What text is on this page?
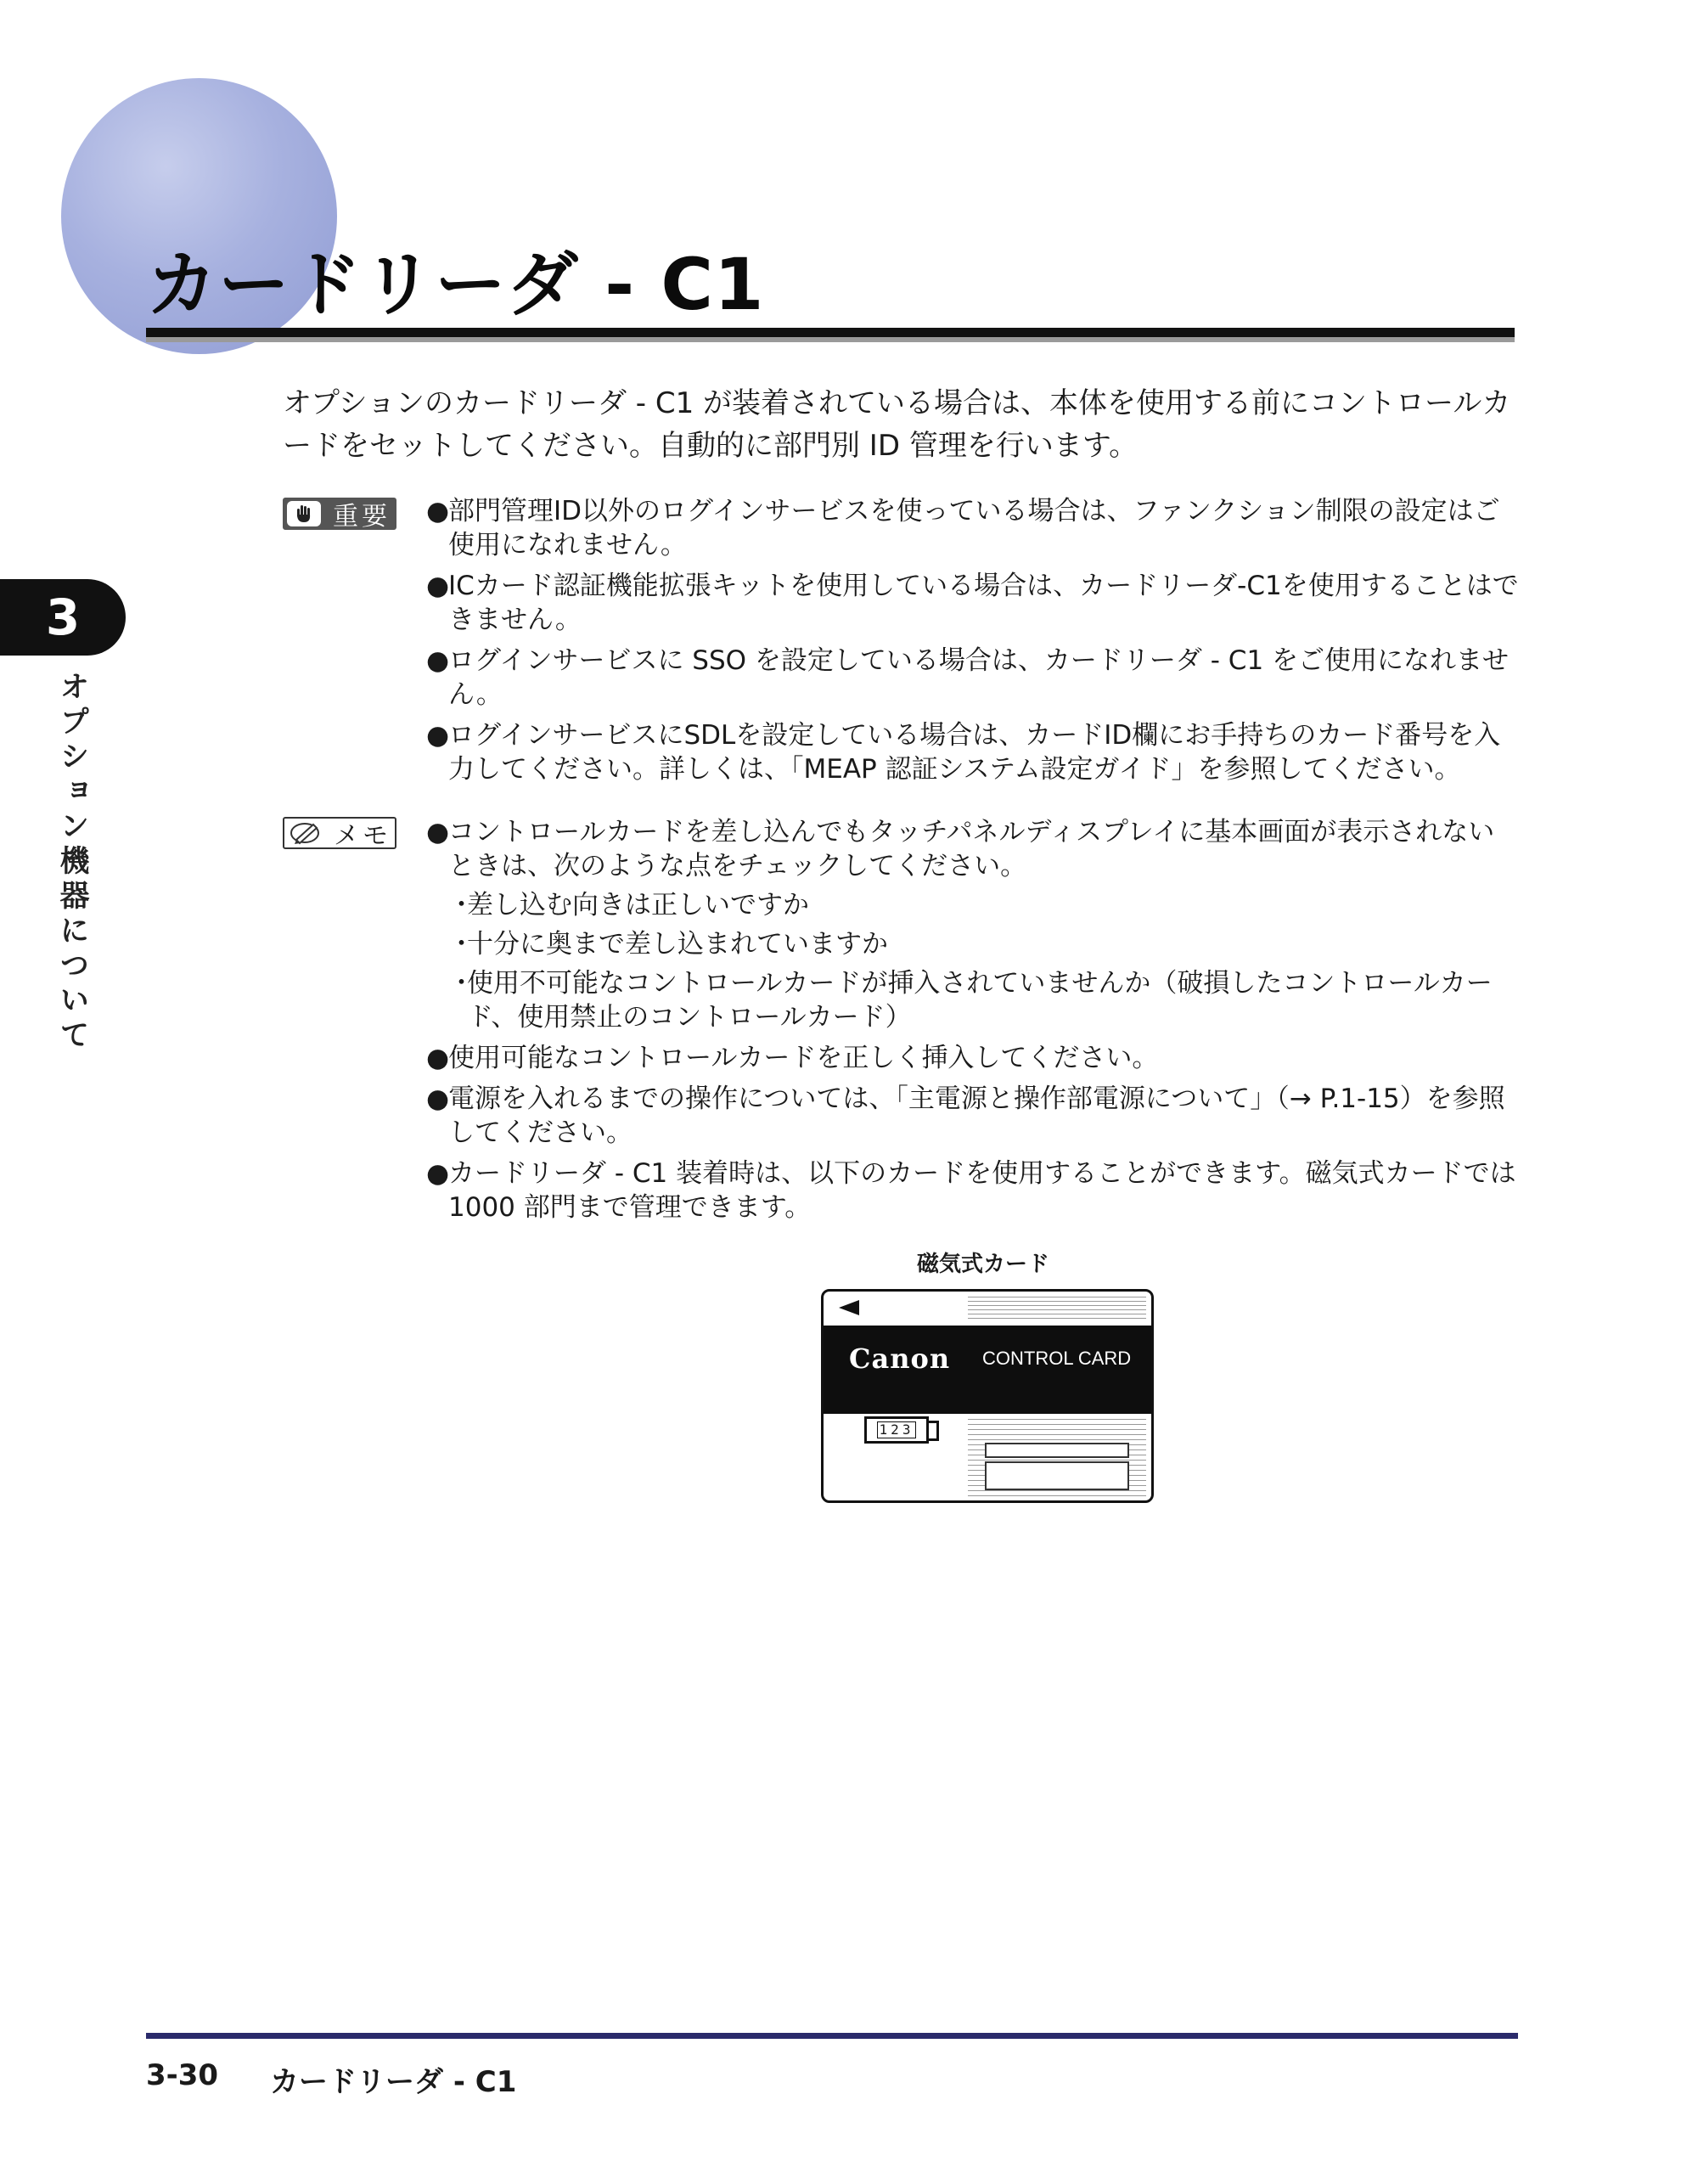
カードリーダ - C1
3
オプション機器について

オプションのカードリーダ - C1 が装着されている場合は、本体を使用する前にコントロールカードをセットしてください。自動的に部門別 ID 管理を行います。

重要 ●
部門管理ID以外のログインサービスを使っている場合は、ファンクション制限の設定はご使用になれません。
●
ICカード認証機能拡張キットを使用している場合は、カードリーダ-C1を使用することはできません。
●
ログインサービスに SSO を設定している場合は、カードリーダ - C1 をご使用になれません。
●
ログインサービスにSDLを設定している場合は、カードID欄にお手持ちのカード番号を入力してください。詳しくは、「MEAP 認証システム設定ガイド」を参照してください。
メモ ●
コントロールカードを差し込んでもタッチパネルディスプレイに基本画面が表示されないときは、次のような点をチェックしてください。
・
差し込む向きは正しいですか
・
十分に奥まで差し込まれていますか
・
使用不可能なコントロールカードが挿入されていませんか（破損したコントロールカード、使用禁止のコントロールカード）
●
使用可能なコントロールカードを正しく挿入してください。
●
電源を入れるまでの操作については、「主電源と操作部電源について」（→ P.1-15）を参照してください。
●
カードリーダ - C1 装着時は、以下のカードを使用することができます。磁気式カードでは 1000 部門まで管理できます。
磁気式カード
Canon CONTROL CARD
123
3-30 カードリーダ - C1
